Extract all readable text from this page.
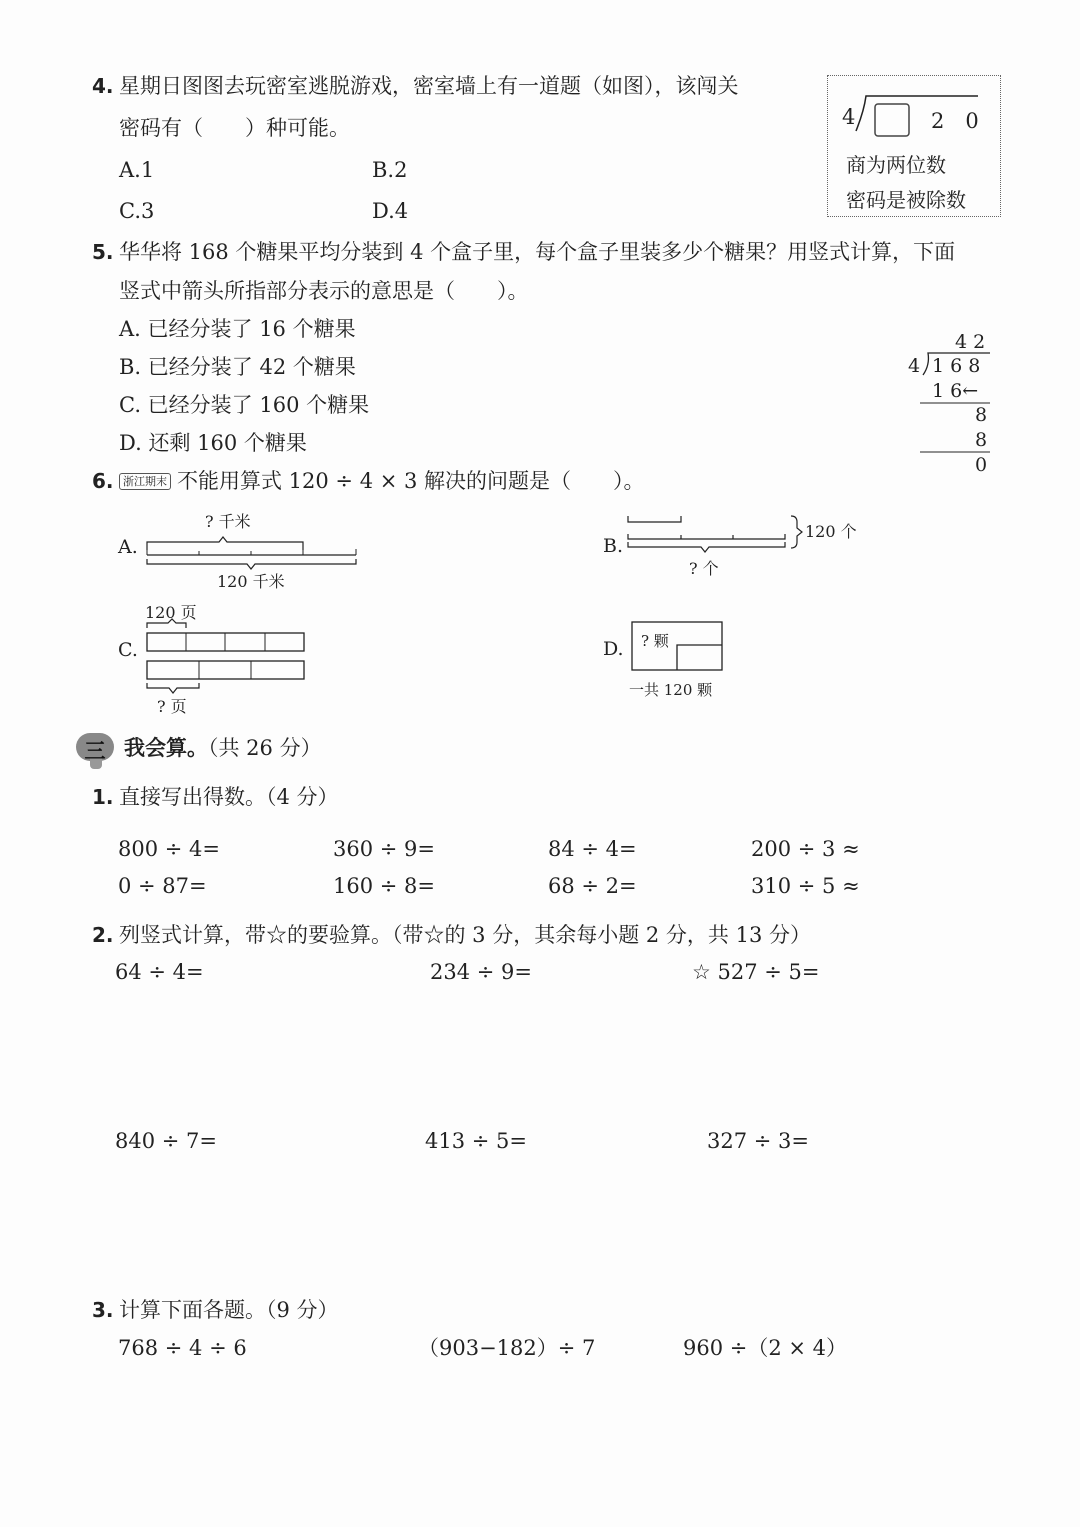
4. 星期日图图去玩密室逃脱游戏，密室墙上有一道题（如图），该闯关
密码有（　　）种可能。
A.1	B.2
C.3	D.4
4	2　0
商为两位数
密码是被除数
5. 华华将 168 个糖果平均分装到 4 个盒子里，每个盒子里装多少个糖果？用竖式计算，下面
竖式中箭头所指部分表示的意思是（　　）。
A. 已经分装了 16 个糖果
B. 已经分装了 42 个糖果
C. 已经分装了 160 个糖果
D. 还剩 160 个糖果
4 2
4 1 6 8
1 6←
8
8
0
6. 浙江期末 不能用算式 120 ÷ 4 × 3 解决的问题是（　　）。
A.
? 千米
120 千米
B.
120 个
? 个
C.
120 页
? 页
D. ? 颗
一共 120 颗
三 我会算。（共 26 分）
1. 直接写出得数。（4 分）
800 ÷ 4=	360 ÷ 9=	84 ÷ 4=	200 ÷ 3 ≈
0 ÷ 87=	160 ÷ 8=	68 ÷ 2=	310 ÷ 5 ≈
2. 列竖式计算，带☆的要验算。（带☆的 3 分，其余每小题 2 分，共 13 分）
64 ÷ 4=	234 ÷ 9=	☆ 527 ÷ 5=
840 ÷ 7=	413 ÷ 5=	327 ÷ 3=
3. 计算下面各题。（9 分）
768 ÷ 4 ÷ 6	（903−182）÷ 7	960 ÷（2 × 4）
